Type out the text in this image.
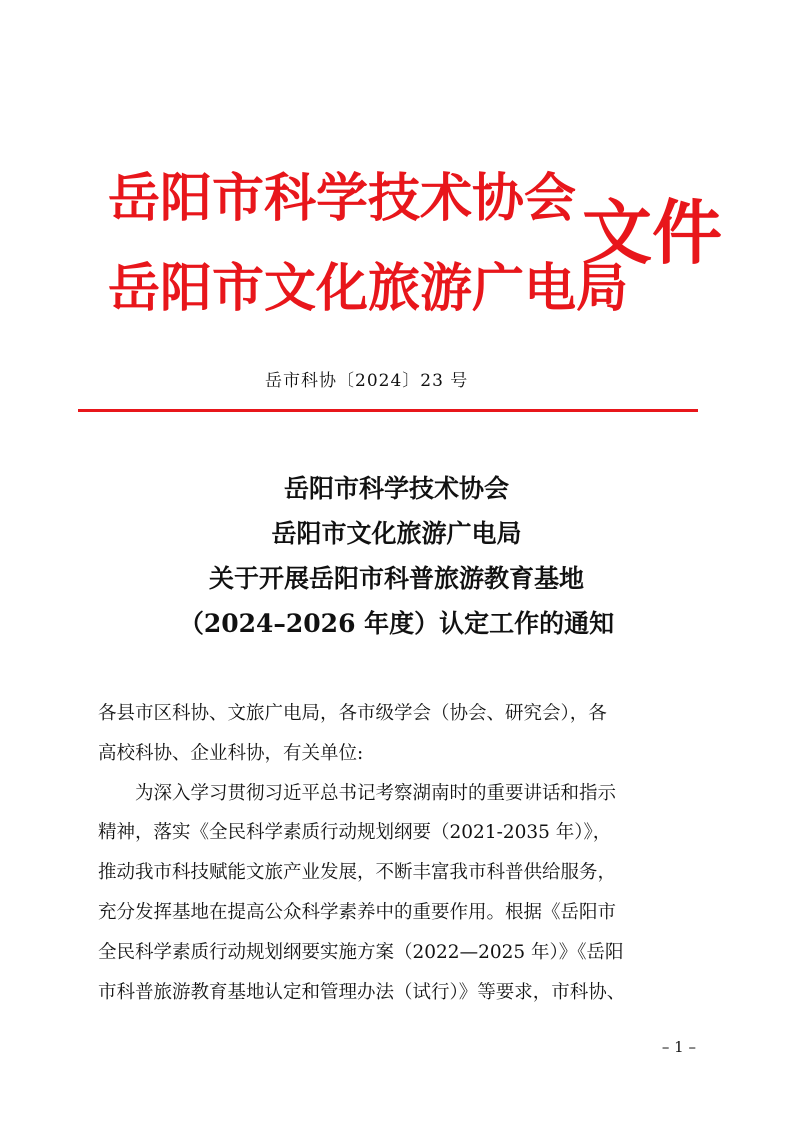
岳阳市科学技术协会
岳阳市文化旅游广电局
文件
岳市科协〔2024〕23 号
岳阳市科学技术协会
岳阳市文化旅游广电局
关于开展岳阳市科普旅游教育基地
（2024–2026 年度）认定工作的通知
各县市区科协、文旅广电局，各市级学会（协会、研究会），各
高校科协、企业科协，有关单位:
　　为深入学习贯彻习近平总书记考察湖南时的重要讲话和指示
精神，落实《全民科学素质行动规划纲要（2021-2035 年）》，
推动我市科技赋能文旅产业发展，不断丰富我市科普供给服务，
充分发挥基地在提高公众科学素养中的重要作用。根据《岳阳市
全民科学素质行动规划纲要实施方案（2022—2025 年）》《岳阳
市科普旅游教育基地认定和管理办法（试行）》等要求，市科协、
– 1 –
